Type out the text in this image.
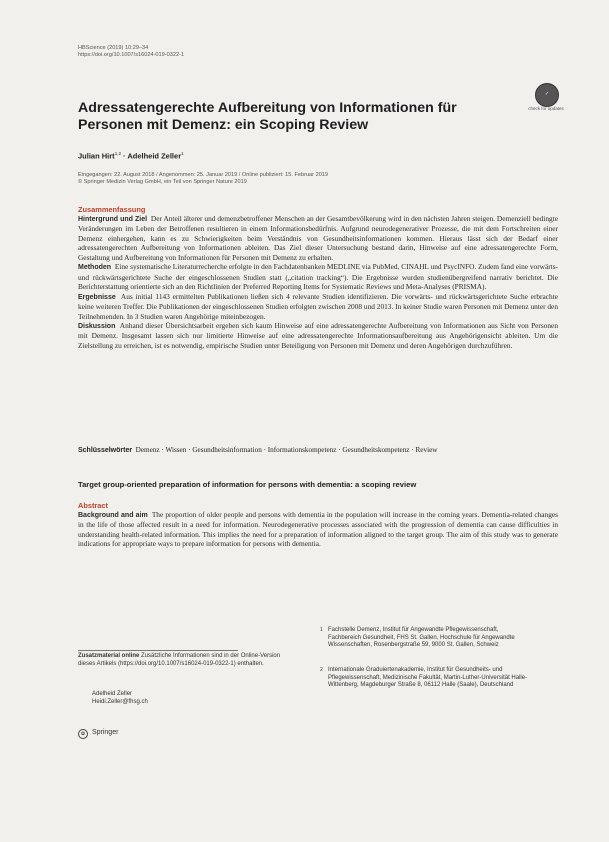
HBScience (2019) 10:29–34
https://doi.org/10.1007/s16024-019-0322-1
✓
check for updates
Adressatengerechte Aufbereitung von Informationen für Personen mit Demenz: ein Scoping Review
Julian Hirt$^{1,2}$ · Adelheid Zeller$^1$
Eingegangen: 22. August 2018 / Angenommen: 25. Januar 2019 / Online publiziert: 15. Februar 2019
© Springer Medizin Verlag GmbH, ein Teil von Springer Nature 2019
Zusammenfassung
Hintergrund und Ziel Der Anteil älterer und demenzbetroffener Menschen an der Gesamtbevölkerung wird in den nächsten Jahren steigen. Demenziell bedingte Veränderungen im Leben der Betroffenen resultieren in einem Informationsbedürfnis. Aufgrund neurodegenerativer Prozesse, die mit dem Fortschreiten einer Demenz einhergehen, kann es zu Schwierigkeiten beim Verständnis von Gesundheitsinformationen kommen. Hieraus lässt sich der Bedarf einer adressatengerechten Aufbereitung von Informationen ableiten. Das Ziel dieser Untersuchung bestand darin, Hinweise auf eine adressatengerechte Form, Gestaltung und Aufbereitung von Informationen für Personen mit Demenz zu erhalten.
Methoden Eine systematische Literaturrecherche erfolgte in den Fachdatenbanken MEDLINE via PubMed, CINAHL und PsycINFO. Zudem fand eine vorwärts- und rückwärtsgerichtete Suche der eingeschlossenen Studien statt („citation tracking“). Die Ergebnisse wurden studienübergreifend narrativ berichtet. Die Berichterstattung orientierte sich an den Richtlinien der Preferred Reporting Items for Systematic Reviews und Meta-Analyses (PRISMA).
Ergebnisse Aus initial 1143 ermittelten Publikationen ließen sich 4 relevante Studien identifizieren. Die vorwärts- und rückwärtsgerichtete Suche erbrachte keine weiteren Treffer. Die Publikationen der eingeschlossenen Studien erfolgten zwischen 2008 und 2013. In keiner Studie waren Personen mit Demenz unter den Teilnehmenden. In 3 Studien waren Angehörige miteinbezogen.
Diskussion Anhand dieser Übersichtsarbeit ergeben sich kaum Hinweise auf eine adressatengerechte Aufbereitung von Informationen aus Sicht von Personen mit Demenz. Insgesamt lassen sich nur limitierte Hinweise auf eine adressatengerechte Informationsaufbereitung aus Angehörigensicht ableiten. Um die Zielstellung zu erreichen, ist es notwendig, empirische Studien unter Beteiligung von Personen mit Demenz und deren Angehörigen durchzuführen.
Schlüsselwörter Demenz · Wissen · Gesundheitsinformation · Informationskompetenz · Gesundheitskompetenz · Review
Target group-oriented preparation of information for persons with dementia: a scoping review
Abstract
Background and aim The proportion of older people and persons with dementia in the population will increase in the coming years. Dementia-related changes in the life of those affected result in a need for information. Neurodegenerative processes associated with the progression of dementia can cause difficulties in understanding health-related information. This implies the need for a preparation of information aligned to the target group. The aim of this study was to generate indications for appropriate ways to prepare information for persons with dementia.
Zusatzmaterial online Zusätzliche Informationen sind in der Online-Version dieses Artikels (https://doi.org/10.1007/s16024-019-0322-1) enthalten.
Adelheid Zeller
Heidi.Zeller@fhsg.ch
1 Fachstelle Demenz, Institut für Angewandte Pflegewissenschaft, Fachbereich Gesundheit, FHS St. Gallen, Hochschule für Angewandte Wissenschaften, Rosenbergstraße 59, 9000 St. Gallen, Schweiz
2 Internationale Graduiertenakademie, Institut für Gesundheits- und Pflegewissenschaft, Medizinische Fakultät, Martin-Luther-Universität Halle-Wittenberg, Magdeburger Straße 8, 06112 Halle (Saale), Deutschland
✿ Springer
